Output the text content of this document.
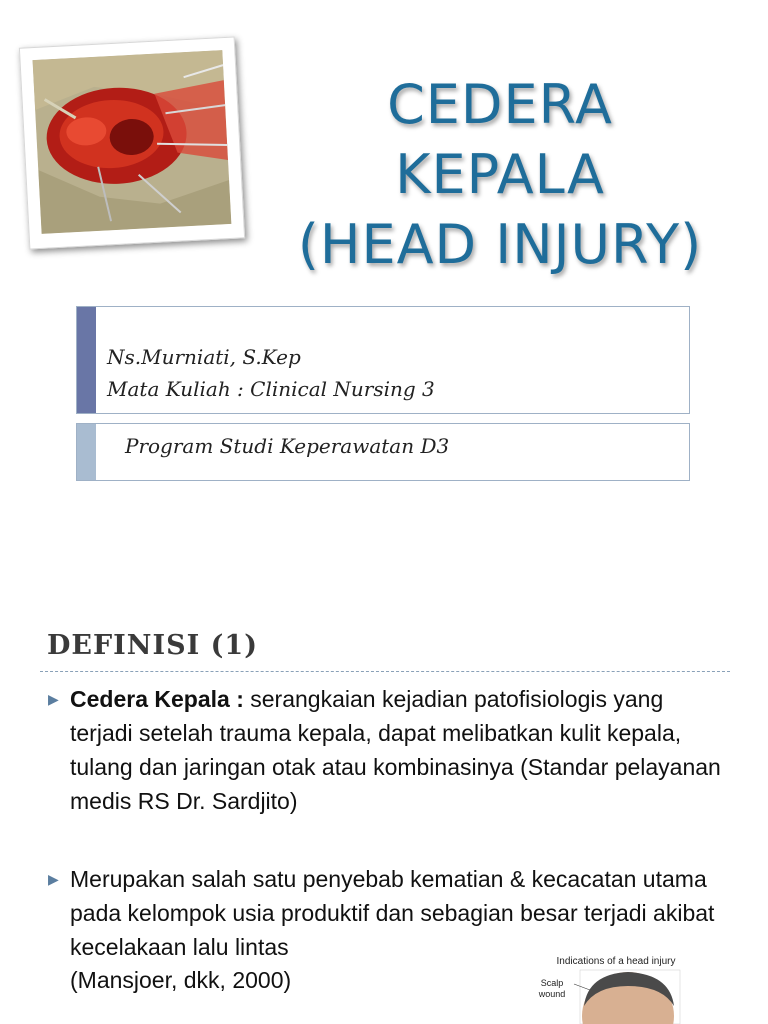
CEDERA
KEPALA
(HEAD INJURY)
Ns.Murniati, S.Kep
Mata Kuliah : Clinical Nursing 3
Program Studi Keperawatan D3
DEFINISI (1)
▶ Cedera Kepala : serangkaian kejadian patofisiologis yang terjadi setelah trauma kepala, dapat melibatkan kulit kepala, tulang dan jaringan otak atau kombinasinya (Standar pelayanan medis RS Dr. Sardjito)
▶ Merupakan salah satu penyebab kematian & kecacatan utama pada kelompok usia produktif dan sebagian besar terjadi akibat kecelakaan lalu lintas
(Mansjoer, dkk, 2000)
Indications of a head injury
Scalp wound
